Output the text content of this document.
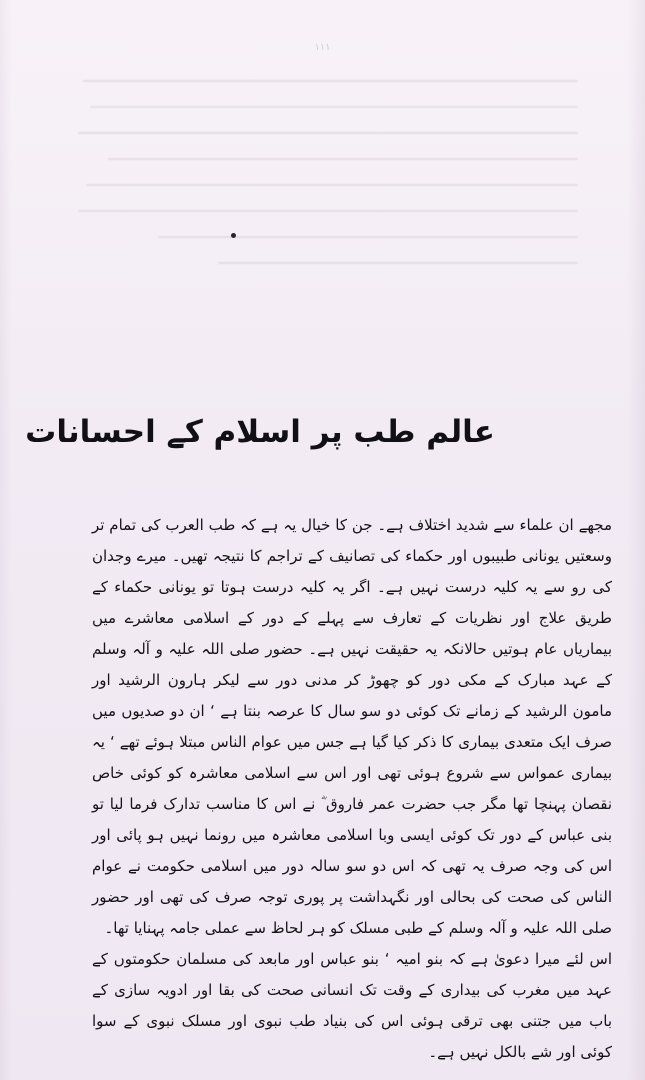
۱۱۱
عالم طب پر اسلام کے احسانات

مجھے ان علماء سے شدید اختلاف ہے۔ جن کا خیال یہ ہے کہ طب العرب کی تمام تر وسعتیں یونانی طبیبوں اور حکماء کی تصانیف کے تراجم کا نتیجہ تھیں۔ میرے وجدان کی رو سے یہ کلیہ درست نہیں ہے۔ اگر یہ کلیہ درست ہوتا تو یونانی حکماء کے طریق علاج اور نظریات کے تعارف سے پہلے کے دور کے اسلامی معاشرے میں بیماریاں عام ہوتیں حالانکہ یہ حقیقت نہیں ہے۔ حضور صلی اللہ علیہ و آلہ وسلم کے عہد مبارک کے مکی دور کو چھوڑ کر مدنی دور سے لیکر ہارون الرشید اور مامون الرشید کے زمانے تک کوئی دو سو سال کا عرصہ بنتا ہے ‘ ان دو صدیوں میں صرف ایک متعدی بیماری کا ذکر کیا گیا ہے جس میں عوام الناس مبتلا ہوئے تھے ‘ یہ بیماری عمواس سے شروع ہوئی تھی اور اس سے اسلامی معاشرہ کو کوئی خاص نقصان پہنچا تھا مگر جب حضرت عمر فاروق ؓ نے اس کا مناسب تدارک فرما لیا تو بنی عباس کے دور تک کوئی ایسی وبا اسلامی معاشرہ میں رونما نہیں ہو پائی اور اس کی وجہ صرف یہ تھی کہ اس دو سو سالہ دور میں اسلامی حکومت نے عوام الناس کی صحت کی بحالی اور نگہداشت پر پوری توجہ صرف کی تھی اور حضور صلی اللہ علیہ و آلہ وسلم کے طبی مسلک کو ہر لحاظ سے عملی جامہ پہنایا تھا۔

اس لئے میرا دعویٰ ہے کہ بنو امیہ ‘ بنو عباس اور مابعد کی مسلمان حکومتوں کے عہد میں مغرب کی بیداری کے وقت تک انسانی صحت کی بقا اور ادویہ سازی کے باب میں جتنی بھی ترقی ہوئی اس کی بنیاد طب نبوی اور مسلک نبوی کے سوا کوئی اور شے بالکل نہیں ہے۔
